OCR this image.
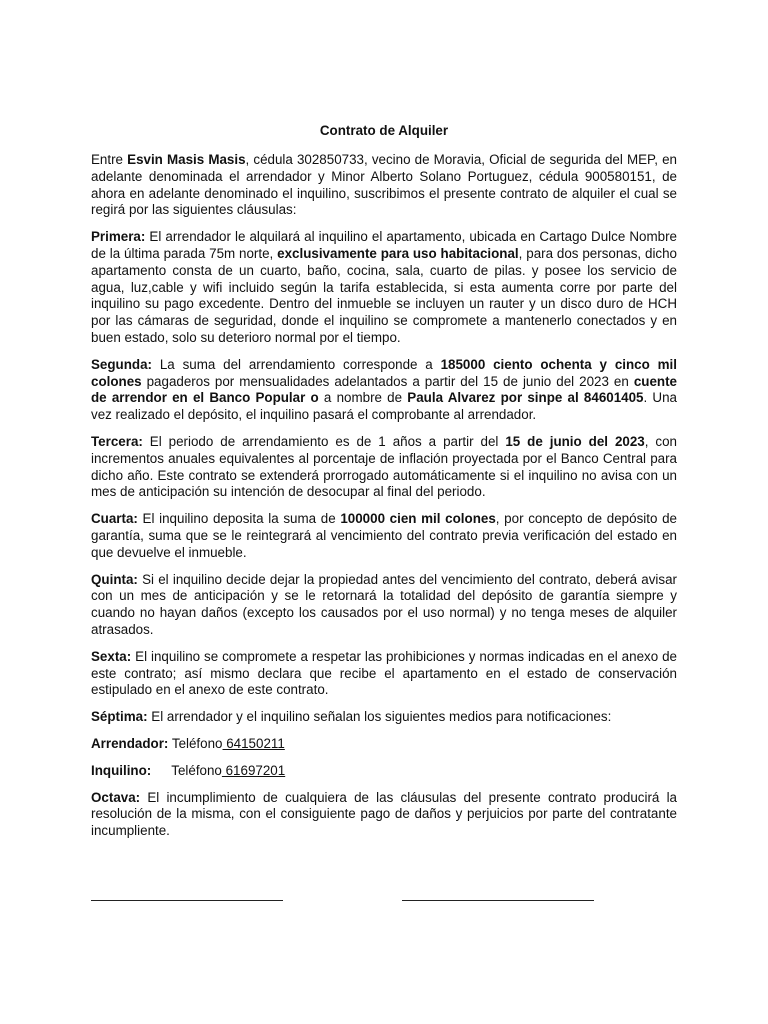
Contrato de Alquiler

Entre Esvin Masis Masis, cédula 302850733, vecino de Moravia, Oficial de segurida del MEP, en adelante denominada el arrendador y Minor Alberto Solano Portuguez, cédula 900580151, de ahora en adelante denominado el inquilino, suscribimos el presente contrato de alquiler el cual se regirá por las siguientes cláusulas:

Primera: El arrendador le alquilará al inquilino el apartamento, ubicada en Cartago Dulce Nombre de la última parada 75m norte, exclusivamente para uso habitacional, para dos personas, dicho apartamento consta de un cuarto, baño, cocina, sala, cuarto de pilas. y posee los servicio de agua, luz,cable y wifi incluido según la tarifa establecida, si esta aumenta corre por parte del inquilino su pago excedente. Dentro del inmueble se incluyen un rauter y un disco duro de HCH por las cámaras de seguridad, donde el inquilino se compromete a mantenerlo conectados y en buen estado, solo su deterioro normal por el tiempo.

Segunda: La suma del arrendamiento corresponde a 185000 ciento ochenta y cinco mil colones pagaderos por mensualidades adelantados a partir del 15 de junio del 2023 en cuente de arrendor en el Banco Popular o a nombre de Paula Alvarez por sinpe al 84601405. Una vez realizado el depósito, el inquilino pasará el comprobante al arrendador.

Tercera: El periodo de arrendamiento es de 1 años a partir del 15 de junio del 2023, con incrementos anuales equivalentes al porcentaje de inflación proyectada por el Banco Central para dicho año. Este contrato se extenderá prorrogado automáticamente si el inquilino no avisa con un mes de anticipación su intención de desocupar al final del periodo.

Cuarta: El inquilino deposita la suma de 100000 cien mil colones, por concepto de depósito de garantía, suma que se le reintegrará al vencimiento del contrato previa verificación del estado en que devuelve el inmueble.

Quinta: Si el inquilino decide dejar la propiedad antes del vencimiento del contrato, deberá avisar con un mes de anticipación y se le retornará la totalidad del depósito de garantía siempre y cuando no hayan daños (excepto los causados por el uso normal) y no tenga meses de alquiler atrasados.

Sexta: El inquilino se compromete a respetar las prohibiciones y normas indicadas en el anexo de este contrato; así mismo declara que recibe el apartamento en el estado de conservación estipulado en el anexo de este contrato.

Séptima: El arrendador y el inquilino señalan los siguientes medios para notificaciones:

Arrendador: Teléfono 64150211

Inquilino: Teléfono 61697201

Octava: El incumplimiento de cualquiera de las cláusulas del presente contrato producirá la resolución de la misma, con el consiguiente pago de daños y perjuicios por parte del contratante incumpliente.
